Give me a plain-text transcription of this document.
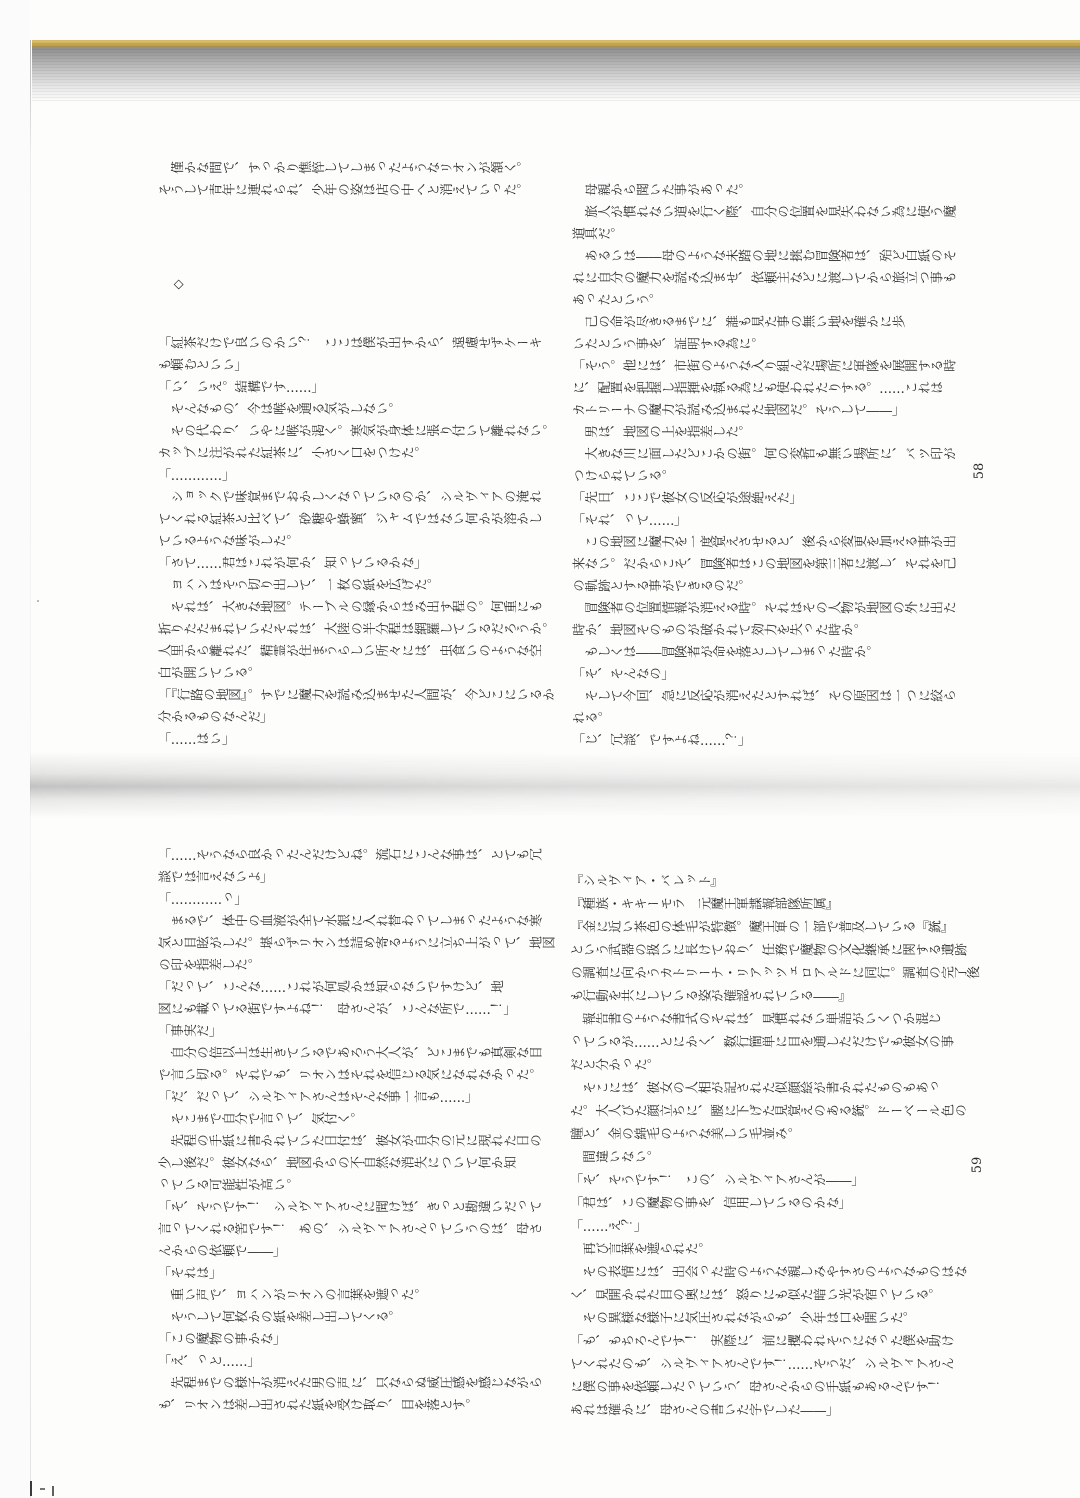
　僅かな間で、すっかり憔悴してしまったようなリオンが頷く。
そうして青年に連れられ、少年の姿は店の中へと消えていった。
◇
「紅茶だけで良いのかい？　ここは僕が出すから、遠慮せずケーキ
も頼むといい」
「い、いえ。結構です……」
　そんなもの、今は喉を通る気がしない。
　その代わり、いやに喉が渇く。寒気が身体に張り付いて離れない。
カップに注がれた紅茶に、小さく口をつけた。
「…………」
　ショックで味覚までおかしくなっているのか、シルヴィアの淹れ
てくれる紅茶と比べて、砂糖や蜂蜜、ジャムではない何かが溶かし
ているような味がした。
「さて……君はこれが何か、知っているかな」
　ヨハンはそう切り出して、一枚の紙を広げた。
　それは、大きな地図。テーブルの縁からはみ出す程の。何重にも
折りたたまれていたそれは、大陸の半分程は網羅しているだろうか。
人里から離れた、精霊が住まうらしい所々には、虫食いのような空
白が開いている。
「『行路の地図』。すでに魔力を読み込ませた人間が、今どこにいるか
分かるものなんだ」
「……はい」
　母親から聞いた事があった。
　旅人が慣れない道を行く際、自分の位置を見失わない為に使う魔
道具だ。
　あるいは――母のような未踏の地に挑む冒険者は、殆ど白紙のそ
れに自分の魔力を読み込ませ、依頼主などに渡してから旅立つ事も
あったという。
　己の命が尽きるまでに、誰も見た事の無い地を確かに歩
いたという事を、証明する為に。
「そう。他には、市街のような入り組んだ場所に軍隊を展開する時
に、配置を把握し指揮を執る為にも使われたりする。……これは
カトリーナの魔力が読み込まれた地図だ。そうして――」
　男は、地図の上を指差した。
　大きな川に面したどこかの街。何の変哲も無い場所に、バツ印が
つけられている。
「先日、ここで彼女の反応が途絶えた」
「それ、って……」
　この地図に魔力を一度覚えさせると、後から変更を加える事が出
来ない。だからこそ、冒険者はこの地図を第三者に渡し、それを己
の軌跡とする事ができるのだ。
　冒険者の位置情報が消える時。それはその人物が地図の外に出た
時か、地図そのものが破かれて効力を失った時か。
　もしくは――冒険者が命を落としてしまった時か。
「そ、そんなの」
　そして今回、急に反応が消えたとすれば、その原因は一つに絞ら
れる。
「じ、冗談、ですよね……？」
58
「……そうなら良かったんだけどね。流石にこんな事は、とても冗
談では言えないよ」
「…………っ」
　まるで、体中の血液が全て水銀に入れ替わってしまったような寒
気と目眩がした。堪らずリオンは詰め寄るように立ち上がって、地図
の印を指差した。
「だって、こんな……これが何処かは知らないですけど、地
図にも載ってる街ですよね！　母さんが、こんな所で……！」
「事実だ」
　自分の倍以上は生きているであろう大人が、どこまでも真剣な目
で言い切る。それでも、リオンはそれを信じる気になれなかった。
「だ、だって、シルヴィアさんはそんな事一言も……」
　そこまで自分で言って、気付く。
　先程の手紙に書かれていた日付は、彼女が自分の元に現れた日の
少し後だ。彼女なら、地図からの不自然な消失について何か知
っている可能性が高い。
「そ、そうです！　シルヴィアさんに聞けば、きっと勘違いだって
言ってくれる筈です！　あの、シルヴィアさんっていうのは、母さ
んからの依頼で――」
「それは」
　重い声で、ヨハンがリオンの言葉を遮った。
　そうして何枚かの紙を差し出してくる。
「この魔物の事かな」
「え、っと……」
　先程までの様子が消えた男の声に、只ならぬ威圧感を感じながら
も、リオンは差し出された紙を受け取り、目を落とす。
『シルヴィア・バレット』
『種族・キキーモラ　元魔王軍諜報部隊所属』
『金に近い茶色の体毛が特徴。魔王軍の一部で普及している『銃』
という武器の扱いに長けており、任務で魔物の文化継承に関する遺跡
の調査に向かうカトリーナ・リアッツェロアルドに同行。調査の完了後
も行動を共にしている姿が確認されている――』
　報告書のような書式のそれは、見慣れない単語がいくつか混じ
っているが……とにかく、数行簡単に目を通しただけでも彼女の事
だと分かった。
　そこには、彼女の人相が記された似顔絵が書かれたものもあっ
た。大人びた顔立ちに、腰に下げた見覚えのある銃。ドーベール色の
瞳と、金の綿毛のような美しい毛並み。
　間違いない。
「そ、そうです！　この、シルヴィアさんが――」
「君は、この魔物の事を、信用しているのかな」
「……え？」
　再び言葉を遮られた。
　その表情には、出会った時のような親しみやすさのようなものはな
く、見開かれた目の奥には、怒りにも似た暗い光が宿っている。
　その異様な様子に気圧されながらも、少年は口を開いた。
「も、もちろんです！　実際に、前に攫われそうになった僕を助け
てくれたのも、シルヴィアさんです！……そうだ、シルヴィアさん
に僕の事を依頼したっていう、母さんからの手紙もあるんです！
あれは確かに、母さんの書いた字でした――」
59
